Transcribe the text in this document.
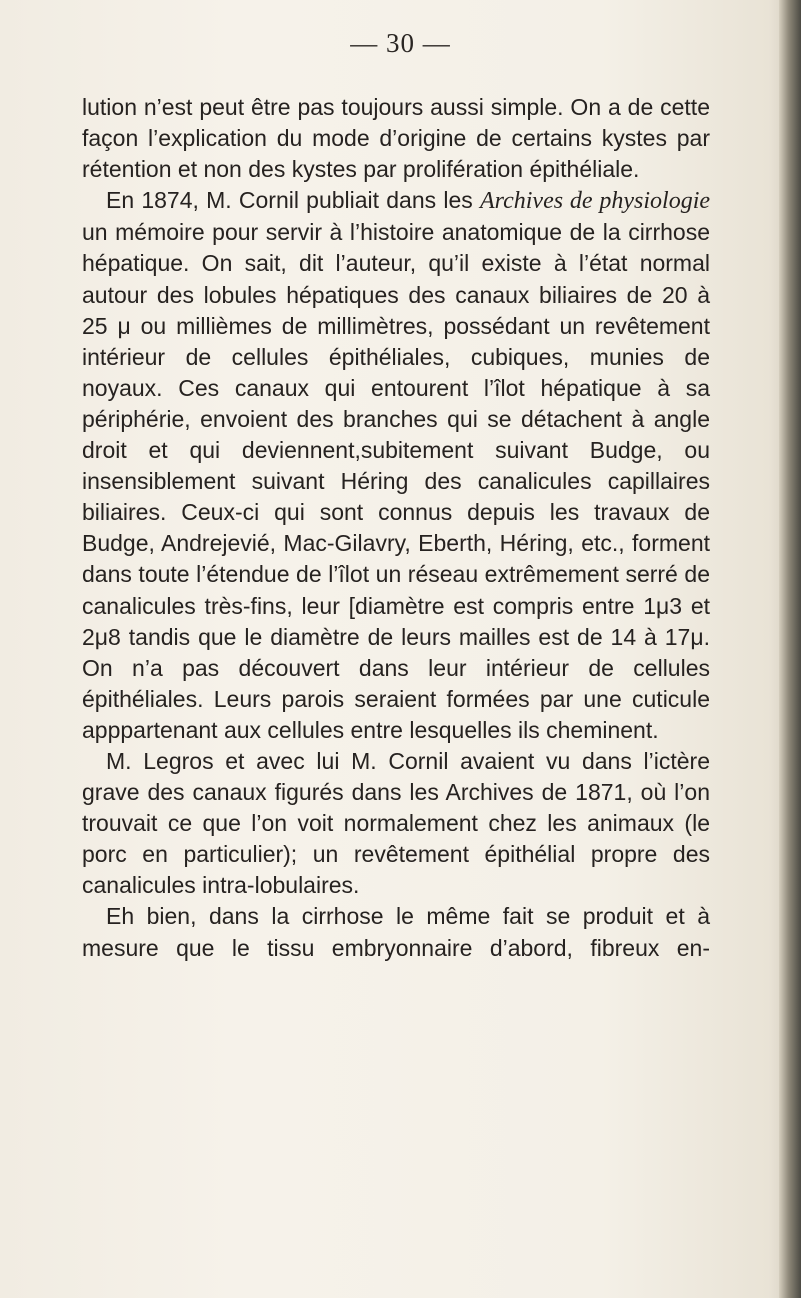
— 30 —

lution n’est peut être pas toujours aussi simple. On a de cette façon l’explication du mode d’origine de certains kystes par rétention et non des kystes par prolifération épithéliale.

En 1874, M. Cornil publiait dans les Archives de physiologie un mémoire pour servir à l’histoire anatomique de la cirrhose hépatique. On sait, dit l’auteur, qu’il existe à l’état normal autour des lobules hépatiques des canaux biliaires de 20 à 25 μ ou millièmes de millimètres, possédant un revêtement intérieur de cellules épithéliales, cubiques, munies de noyaux. Ces canaux qui entourent l’îlot hépatique à sa périphérie, envoient des branches qui se détachent à angle droit et qui deviennent,subitement suivant Budge, ou insensiblement suivant Héring des canalicules capillaires biliaires. Ceux-ci qui sont connus depuis les travaux de Budge, Andrejevié, Mac-Gilavry, Eberth, Héring, etc., forment dans toute l’étendue de l’îlot un réseau extrêmement serré de canalicules très-fins, leur [diamètre est compris entre 1μ3 et 2μ8 tandis que le diamètre de leurs mailles est de 14 à 17μ. On n’a pas découvert dans leur intérieur de cellules épithéliales. Leurs parois seraient formées par une cuticule apppartenant aux cellules entre lesquelles ils cheminent.

M. Legros et avec lui M. Cornil avaient vu dans l’ictère grave des canaux figurés dans les Archives de 1871, où l’on trouvait ce que l’on voit normalement chez les animaux (le porc en particulier); un revêtement épithélial propre des canalicules intra-lobulaires.

Eh bien, dans la cirrhose le même fait se produit et à mesure que le tissu embryonnaire d’abord, fibreux en-
